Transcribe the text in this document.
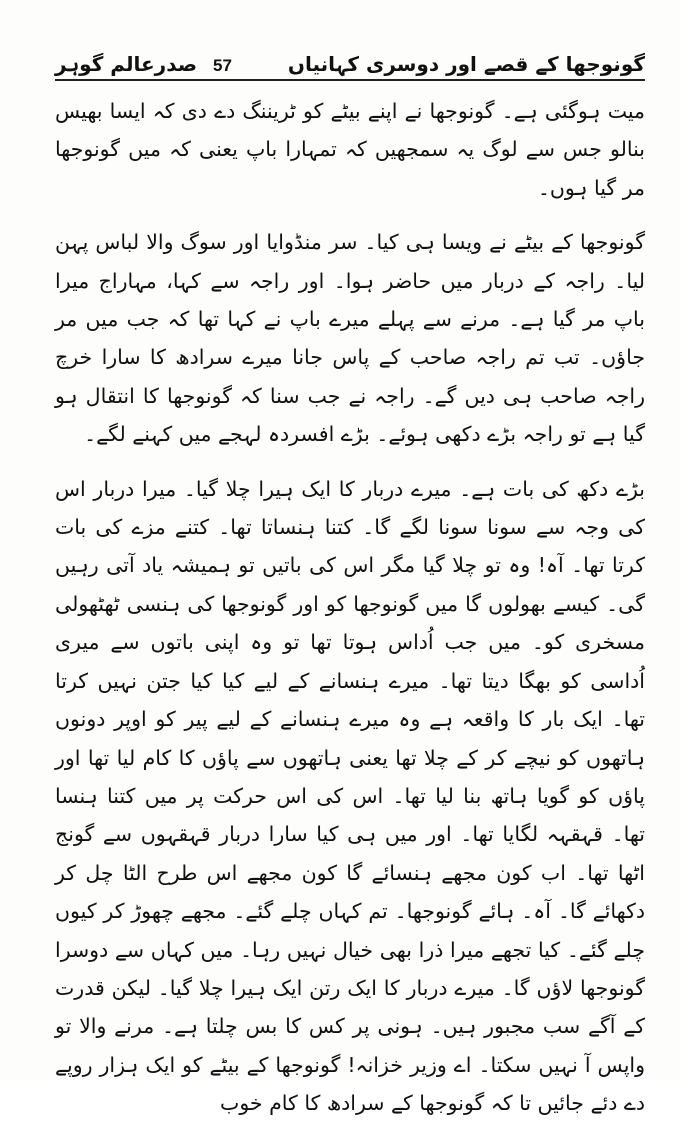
گونوجھا کے قصے اور دوسری کہانیاں
57
صدرعالم گوہر

میت ہوگئی ہے۔ گونوجھا نے اپنے بیٹے کو ٹریننگ دے دی کہ ایسا بھیس بنالو جس سے لوگ یہ سمجھیں کہ تمہارا باپ یعنی کہ میں گونوجھا مر گیا ہوں۔

گونوجھا کے بیٹے نے ویسا ہی کیا۔ سر منڈوایا اور سوگ والا لباس پہن لیا۔ راجہ کے دربار میں حاضر ہوا۔ اور راجہ سے کہا، مہاراج میرا باپ مر گیا ہے۔ مرنے سے پہلے میرے باپ نے کہا تھا کہ جب میں مر جاؤں۔ تب تم راجہ صاحب کے پاس جانا میرے سرادھ کا سارا خرچ راجہ صاحب ہی دیں گے۔ راجہ نے جب سنا کہ گونوجھا کا انتقال ہو گیا ہے تو راجہ بڑے دکھی ہوئے۔ بڑے افسردہ لہجے میں کہنے لگے۔

بڑے دکھ کی بات ہے۔ میرے دربار کا ایک ہیرا چلا گیا۔ میرا دربار اس کی وجہ سے سونا سونا لگے گا۔ کتنا ہنساتا تھا۔ کتنے مزے کی بات کرتا تھا۔ آہ! وہ تو چلا گیا مگر اس کی باتیں تو ہمیشہ یاد آتی رہیں گی۔ کیسے بھولوں گا میں گونوجھا کو اور گونوجھا کی ہنسی ٹھٹھولی مسخری کو۔ میں جب اُداس ہوتا تھا تو وہ اپنی باتوں سے میری اُداسی کو بھگا دیتا تھا۔ میرے ہنسانے کے لیے کیا کیا جتن نہیں کرتا تھا۔ ایک بار کا واقعہ ہے وہ میرے ہنسانے کے لیے پیر کو اوپر دونوں ہاتھوں کو نیچے کر کے چلا تھا یعنی ہاتھوں سے پاؤں کا کام لیا تھا اور پاؤں کو گویا ہاتھ بنا لیا تھا۔ اس کی اس حرکت پر میں کتنا ہنسا تھا۔ قہقہہ لگایا تھا۔ اور میں ہی کیا سارا دربار قہقہوں سے گونج اٹھا تھا۔ اب کون مجھے ہنسائے گا کون مجھے اس طرح الٹا چل کر دکھائے گا۔ آہ۔ ہائے گونوجھا۔ تم کہاں چلے گئے۔ مجھے چھوڑ کر کیوں چلے گئے۔ کیا تجھے میرا ذرا بھی خیال نہیں رہا۔ میں کہاں سے دوسرا گونوجھا لاؤں گا۔ میرے دربار کا ایک رتن ایک ہیرا چلا گیا۔ لیکن قدرت کے آگے سب مجبور ہیں۔ ہونی پر کس کا بس چلتا ہے۔ مرنے والا تو واپس آ نہیں سکتا۔ اے وزیر خزانہ! گونوجھا کے بیٹے کو ایک ہزار روپے دے دئے جائیں تا کہ گونوجھا کے سرادھ کا کام خوب
